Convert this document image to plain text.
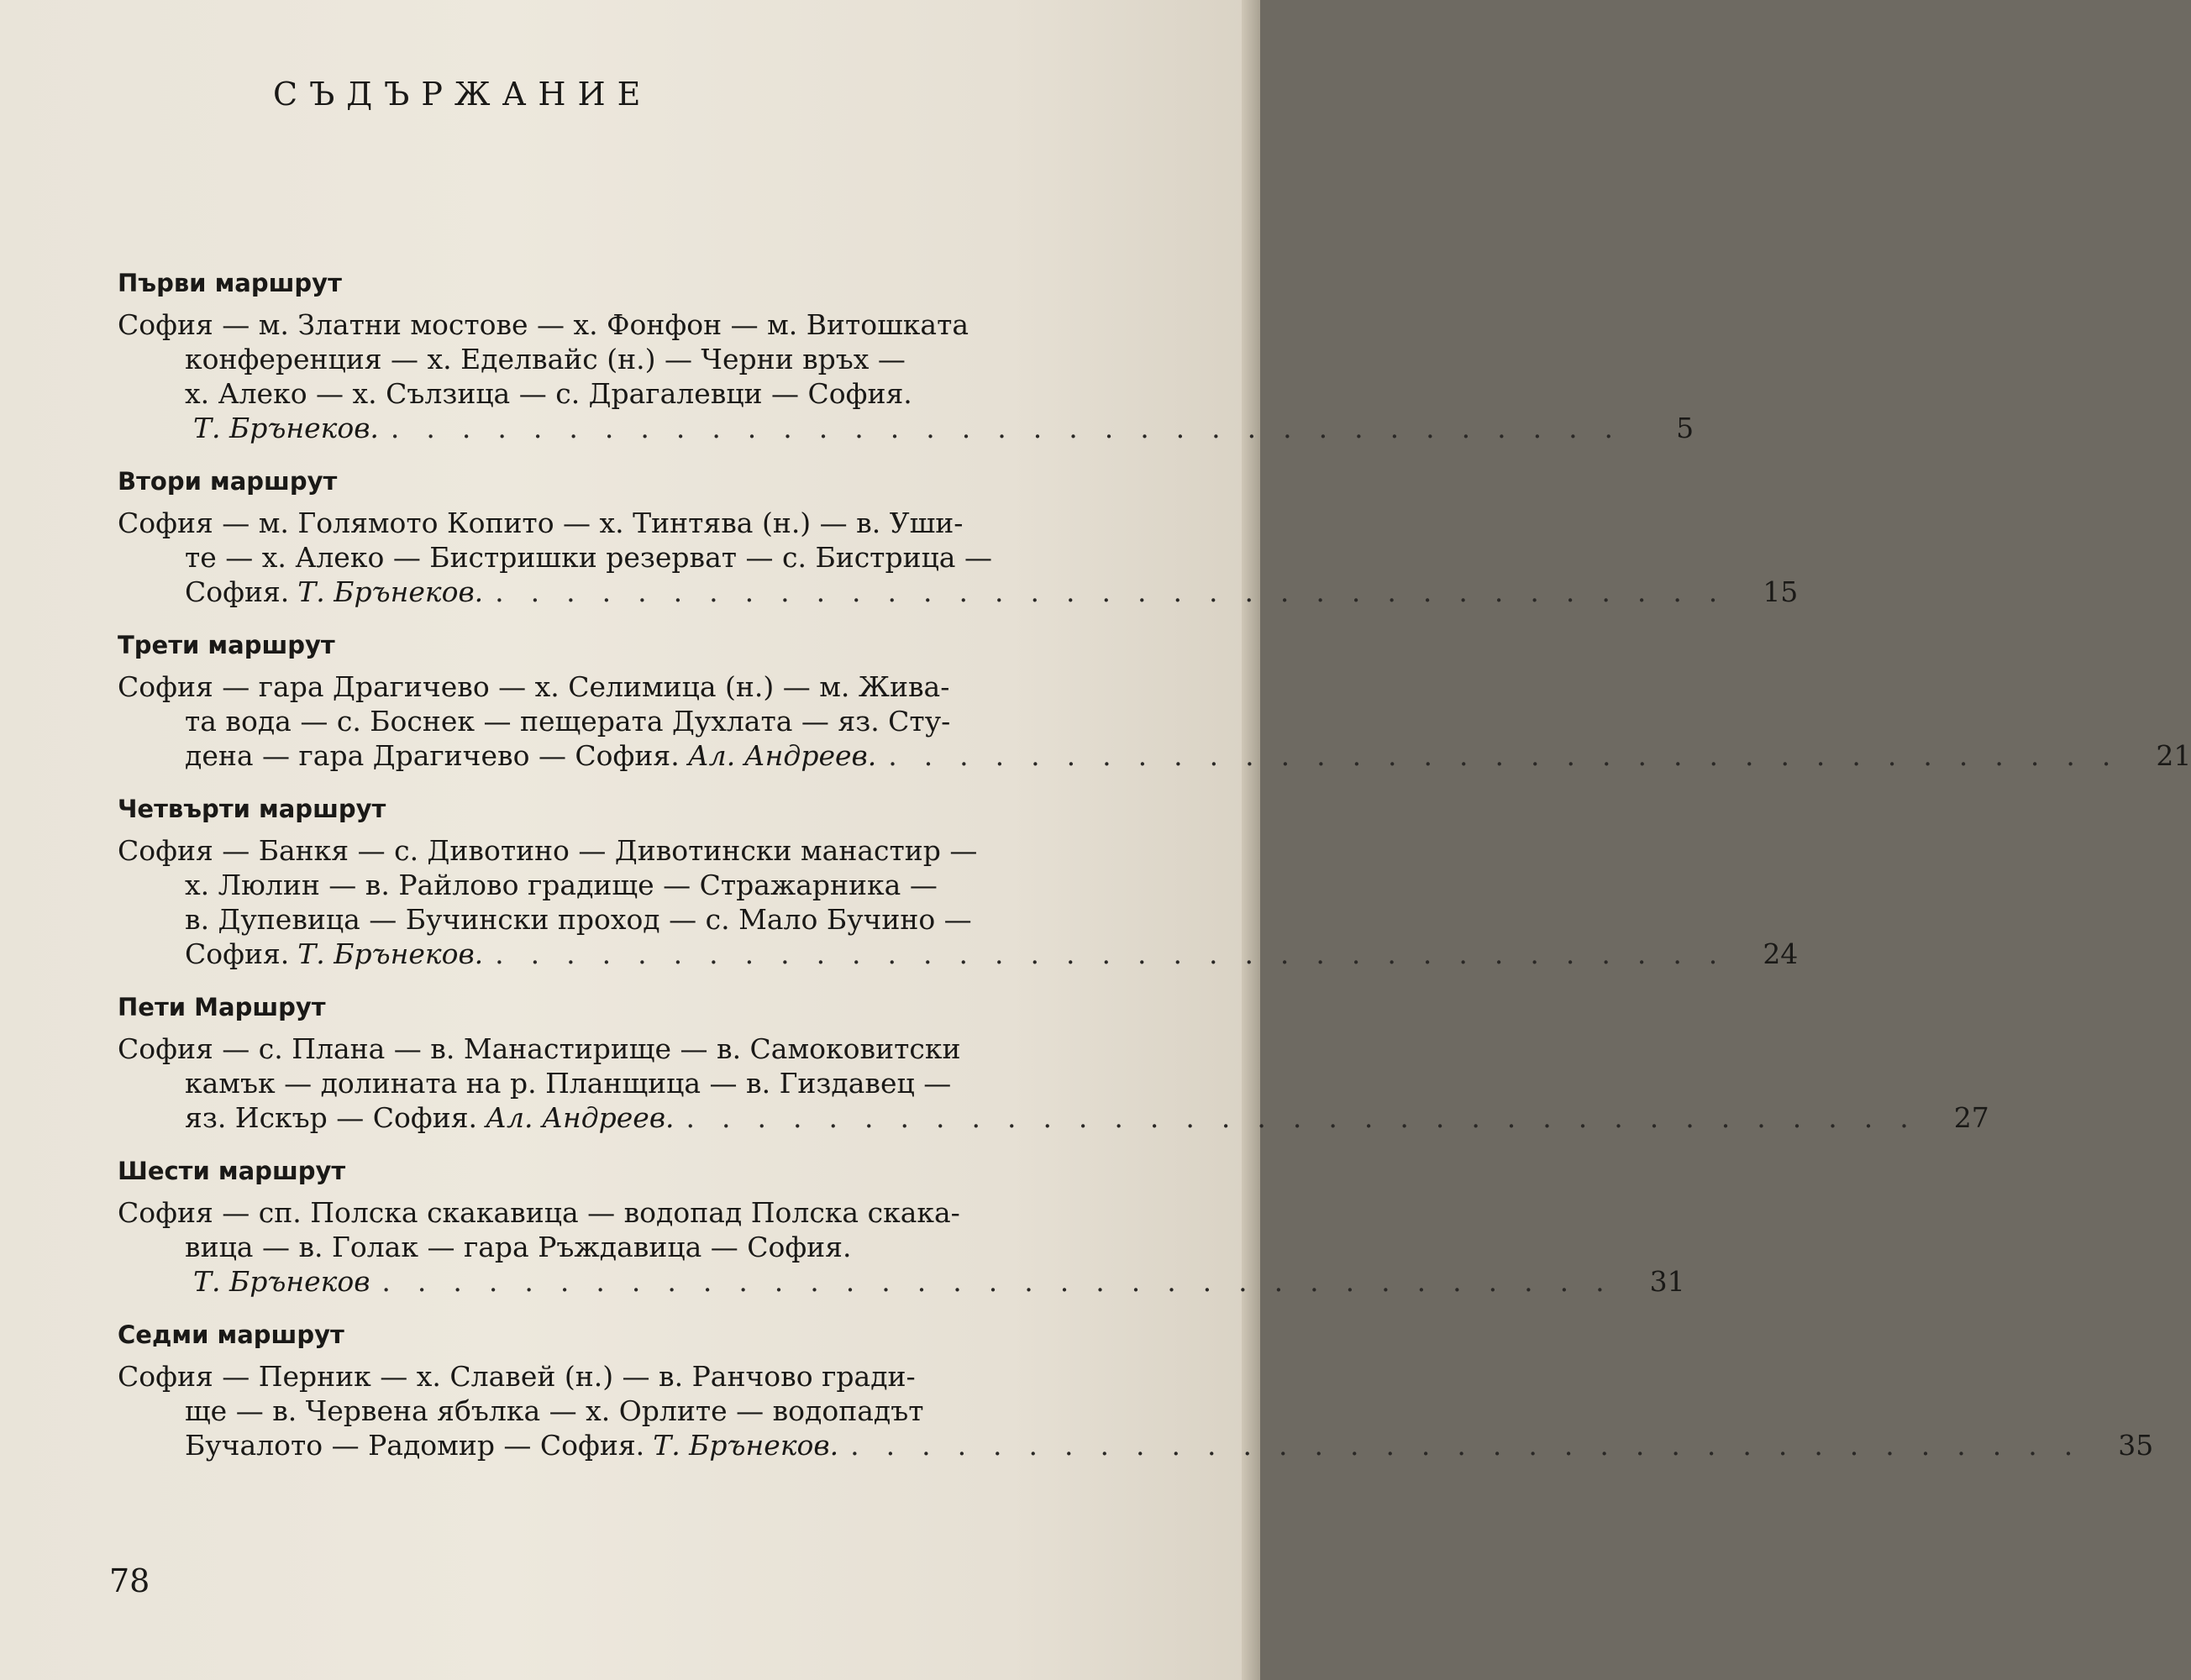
СЪДЪРЖАНИЕ
Първи маршрут
София — м. Златни мостове — х. Фонфон — м. Витошката
конференция — х. Еделвайс (н.) — Черни връх —
х. Алеко — х. Сълзица — с. Драгалевци — София.
Т. Брънеков. ...................................	5
Втори маршрут
София — м. Голямото Копито — х. Тинтява (н.) — в. Уши-
те — х. Алеко — Бистришки резерват — с. Бистрица —
София. Т. Брънеков. ................................... 15
Трети маршрут
София — гара Драгичево — х. Селимица (н.) — м. Жива-
та вода — с. Боснек — пещерата Духлата — яз. Сту-
дена — гара Драгичево — София. Ал. Андреев. ................................... 21
Четвърти маршрут
София — Банкя — с. Дивотино — Дивотински манастир —
х. Люлин — в. Райлово градище — Стражарника —
в. Дупевица — Бучински проход — с. Мало Бучино —
София. Т. Брънеков. ................................... 24
Пети Маршрут
София — с. Плана — в. Манастирище — в. Самоковитски
камък — долината на р. Планщица — в. Гиздавец —
яз. Искър — София. Ал. Андреев. ................................... 27
Шести маршрут
София — сп. Полска скакавица — водопад Полска скака-
вица — в. Голак — гара Ръждавица — София.
Т. Брънеков ................................... 31
Седми маршрут
София — Перник — х. Славей (н.) — в. Ранчово гради-
ще — в. Червена ябълка — х. Орлите — водопадът
Бучалото — Радомир — София. Т. Брънеков. ................................... 35
78
